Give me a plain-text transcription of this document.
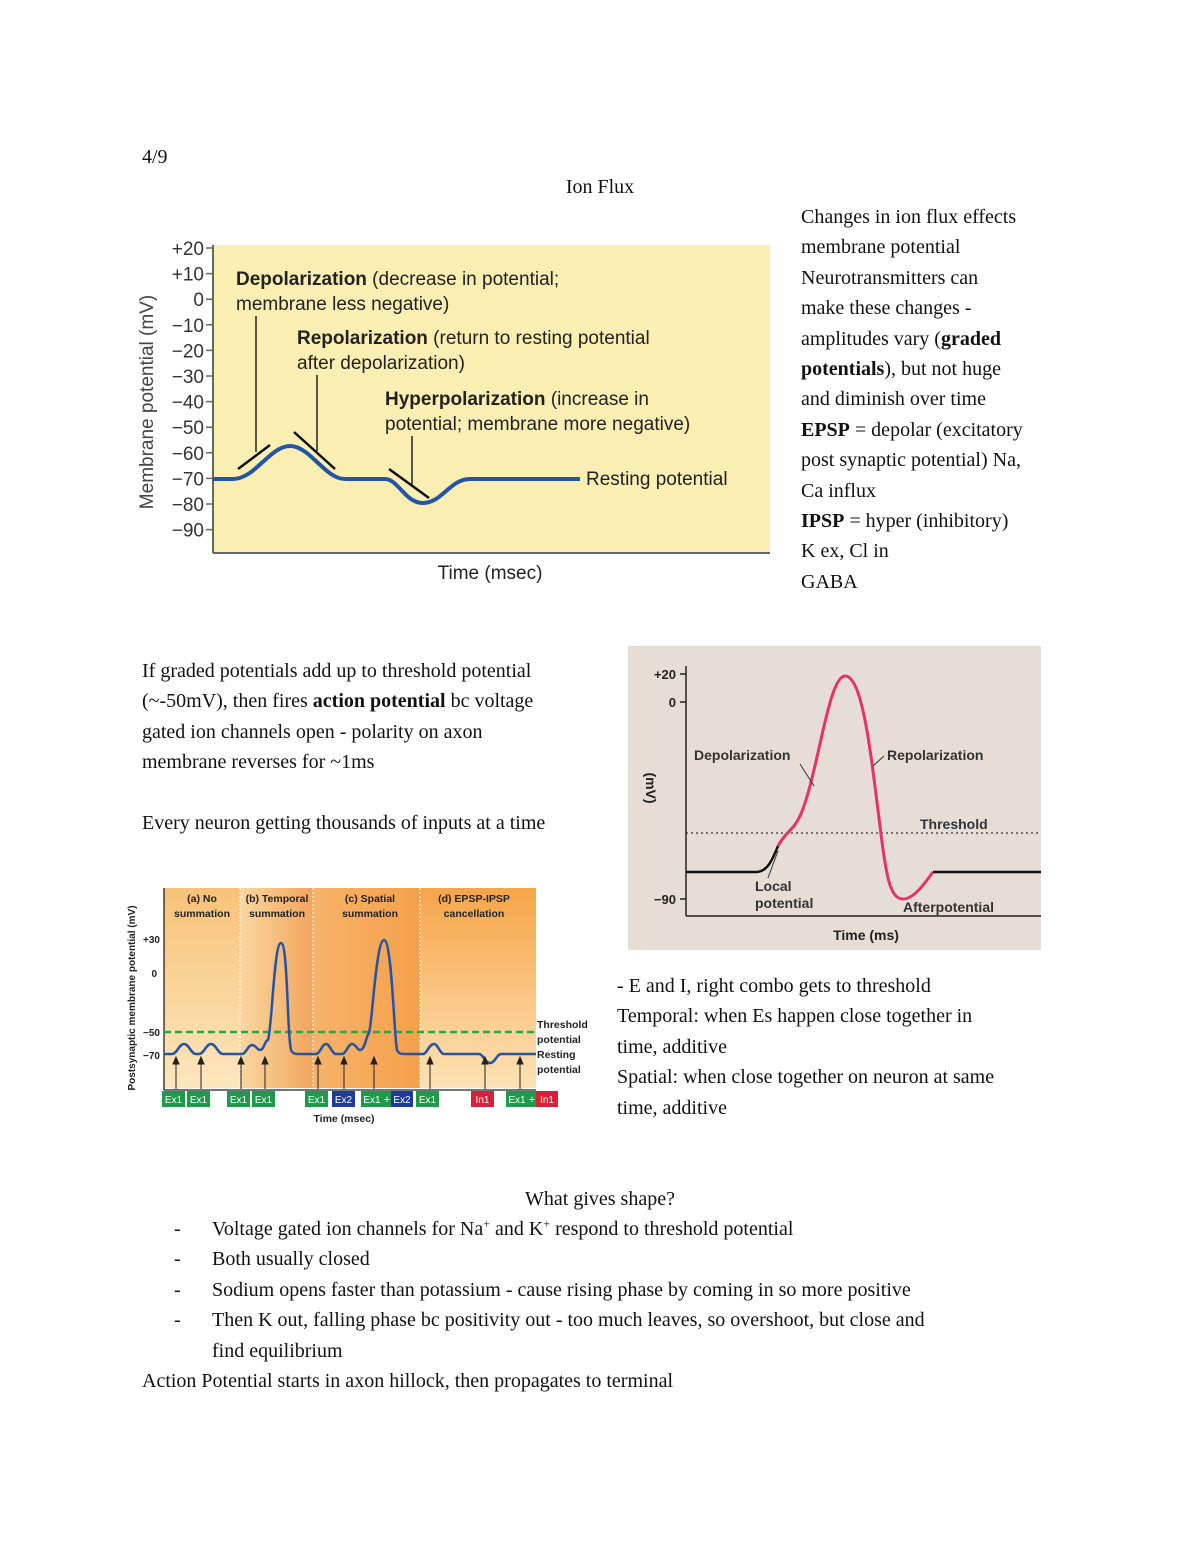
4/9
Ion Flux
+20
+10
0
−10
−20
−30
−40
−50
−60
−70
−80
−90
Membrane potential (mV)
Time (msec)
Depolarization (decrease in potential;
membrane less negative)
Repolarization (return to resting potential
after depolarization)
Hyperpolarization (increase in
potential; membrane more negative)
Resting potential
Changes in ion flux effects
membrane potential
Neurotransmitters can
make these changes -
amplitudes vary (graded
potentials), but not huge
and diminish over time
EPSP = depolar (excitatory
post synaptic potential) Na,
Ca influx
IPSP = hyper (inhibitory)
K ex, Cl in
GABA
If graded potentials add up to threshold potential
(~-50mV), then fires action potential bc voltage
gated ion channels open - polarity on axon
membrane reverses for ~1ms
Every neuron getting thousands of inputs at a time
+20
0
−90
(mV)
Time (ms)
Threshold
Depolarization	Repolarization
Local
potential	Afterpotential
Postsynaptic membrane potential (mV) +30
0
−50
−70
(a) No
summation
(b) Temporal
summation
(c) Spatial
summation
(d) EPSP-IPSP
cancellation
Threshold
potential
Resting
potential
Ex1 Ex1 Ex1 Ex1	Ex1 Ex2 Ex1 Ex2
+	Ex1	In1 Ex1 In1
+
Time (msec)
- E and I, right combo gets to threshold
Temporal: when Es happen close together in
time, additive
Spatial: when close together on neuron at same
time, additive
What gives shape?
-	Voltage gated ion channels for Na+ and K+ respond to threshold potential
-	Both usually closed
-	Sodium opens faster than potassium - cause rising phase by coming in so more positive
-	Then K out, falling phase bc positivity out - too much leaves, so overshoot, but close and
find equilibrium
Action Potential starts in axon hillock, then propagates to terminal
